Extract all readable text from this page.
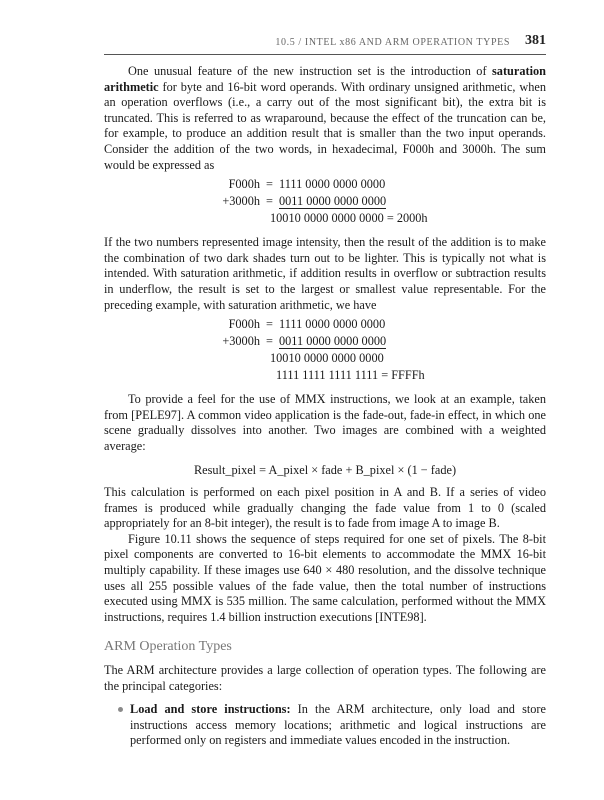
10.5 / INTEL x86 AND ARM OPERATION TYPES 381

One unusual feature of the new instruction set is the introduction of saturation arithmetic for byte and 16-bit word operands. With ordinary unsigned arithmetic, when an operation overflows (i.e., a carry out of the most significant bit), the extra bit is truncated. This is referred to as wraparound, because the effect of the truncation can be, for example, to produce an addition result that is smaller than the two input operands. Consider the addition of the two words, in hexadecimal, F000h and 3000h. The sum would be expressed as

F000h = 1111 0000 0000 0000
+3000h = 0011 0000 0000 0000
10010 0000 0000 0000 = 2000h

If the two numbers represented image intensity, then the result of the addition is to make the combination of two dark shades turn out to be lighter. This is typically not what is intended. With saturation arithmetic, if addition results in overflow or subtraction results in underflow, the result is set to the largest or smallest value representable. For the preceding example, with saturation arithmetic, we have

F000h = 1111 0000 0000 0000
+3000h = 0011 0000 0000 0000
10010 0000 0000 0000
1111 1111 1111 1111 = FFFFh

To provide a feel for the use of MMX instructions, we look at an example, taken from [PELE97]. A common video application is the fade-out, fade-in effect, in which one scene gradually dissolves into another. Two images are combined with a weighted average:

Result_pixel = A_pixel × fade + B_pixel × (1 − fade)

This calculation is performed on each pixel position in A and B. If a series of video frames is produced while gradually changing the fade value from 1 to 0 (scaled appropriately for an 8-bit integer), the result is to fade from image A to image B.

Figure 10.11 shows the sequence of steps required for one set of pixels. The 8-bit pixel components are converted to 16-bit elements to accommodate the MMX 16-bit multiply capability. If these images use 640 × 480 resolution, and the dissolve technique uses all 255 possible values of the fade value, then the total number of instructions executed using MMX is 535 million. The same calculation, performed without the MMX instructions, requires 1.4 billion instruction executions [INTE98].

ARM Operation Types

The ARM architecture provides a large collection of operation types. The following are the principal categories:

Load and store instructions: In the ARM architecture, only load and store instructions access memory locations; arithmetic and logical instructions are performed only on registers and immediate values encoded in the instruction.
